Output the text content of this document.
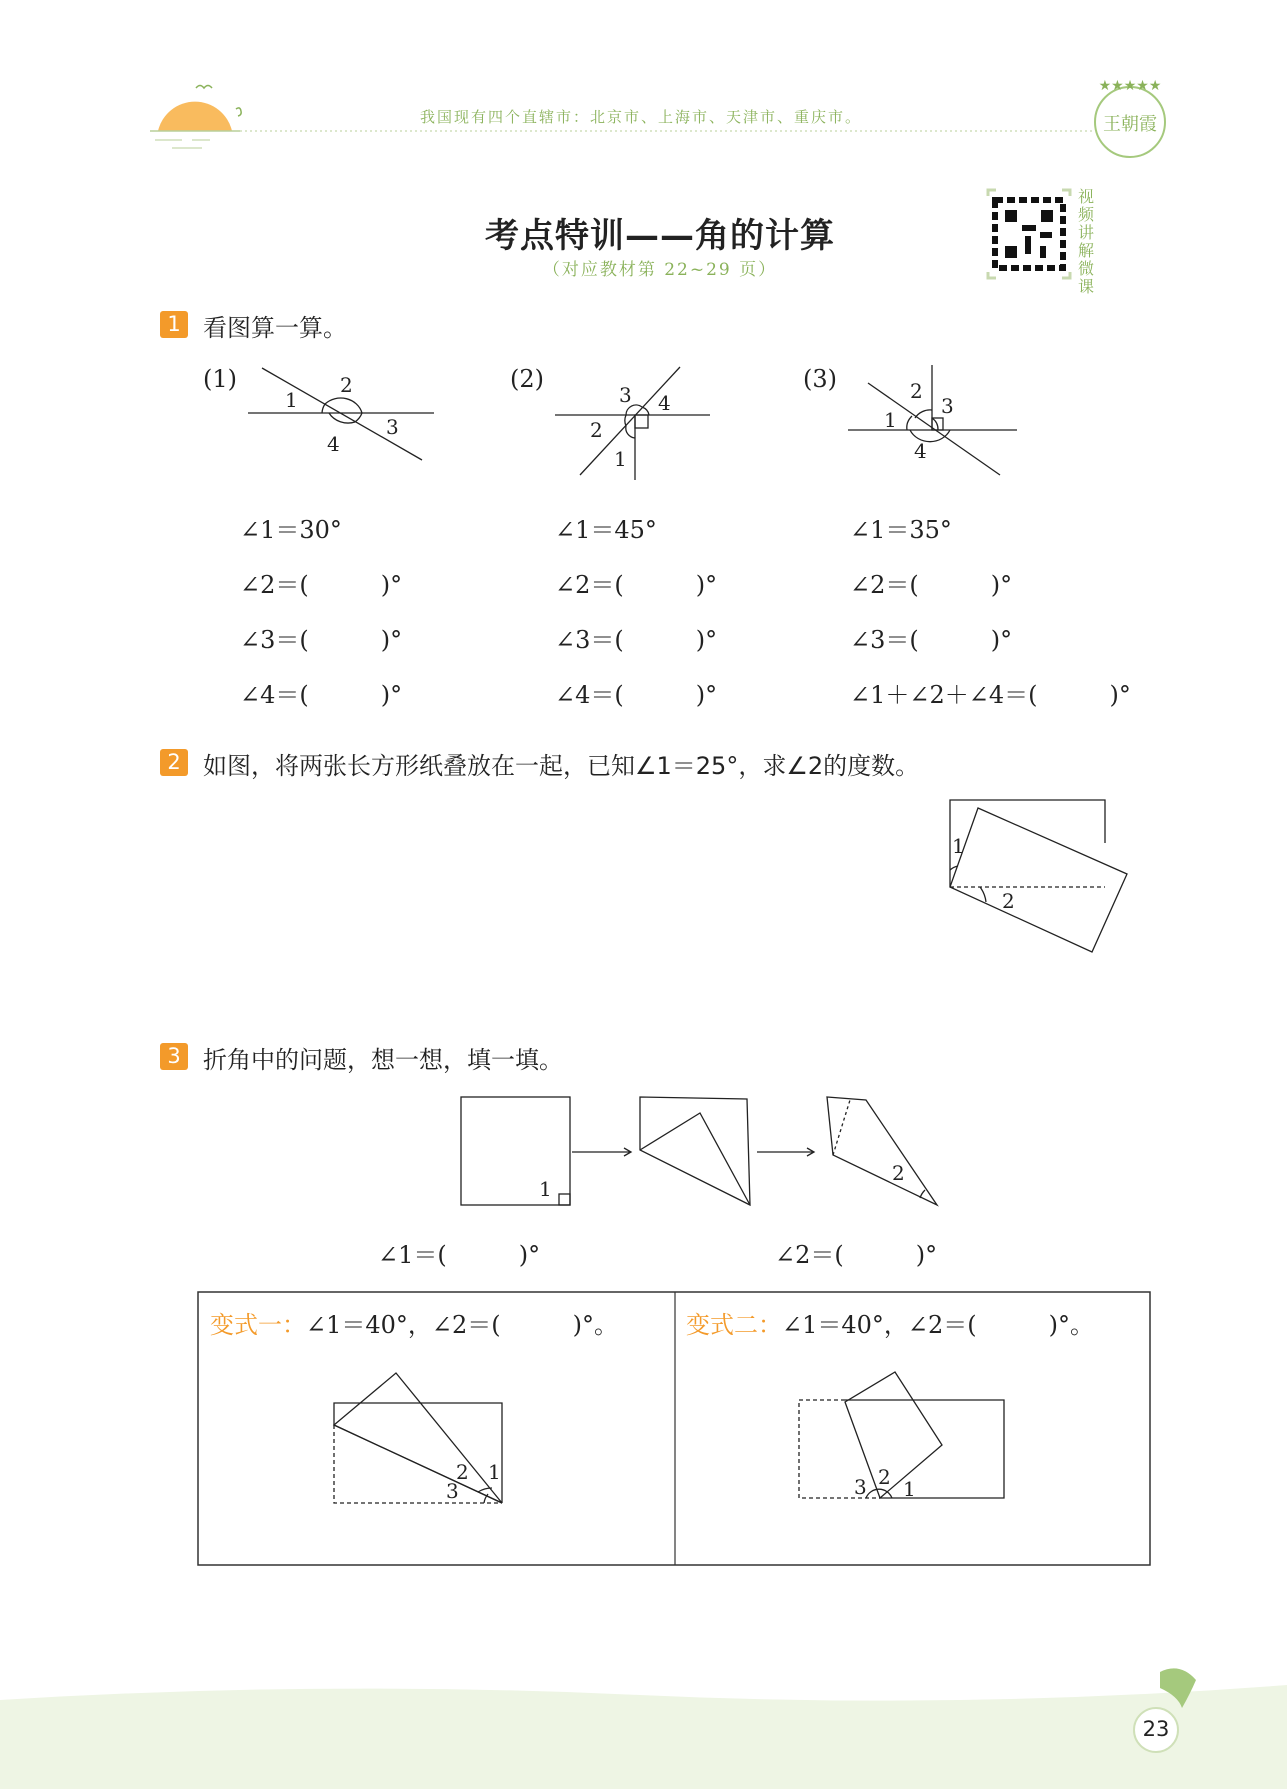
★★★★★
王朝霞
1
2
3
4
1
2
3 4
1
2
3
4
1
2
1
2
2 1
3	3 2 1
我国现有四个直辖市：北京市、上海市、天津市、重庆市。
视频讲解微课
考点特训——角的计算
（对应教材第 22~29 页）
1 看图算一算。
(1)	(2)	(3)
∠1＝30°
∠2＝(　　　)°
∠3＝(　　　)°
∠4＝(　　　)°
∠1＝45°
∠2＝(　　　)°
∠3＝(　　　)°
∠4＝(　　　)°
∠1＝35°
∠2＝(　　　)°
∠3＝(　　　)°
∠1＋∠2＋∠4＝(　　　)°
2 如图，将两张长方形纸叠放在一起，已知∠1＝25°，求∠2的度数。
3 折角中的问题，想一想，填一填。
∠1＝(　　　)°	∠2＝(　　　)°
变式一：∠1＝40°，∠2＝(　　　)°。	变式二：∠1＝40°，∠2＝(　　　)°。
23
